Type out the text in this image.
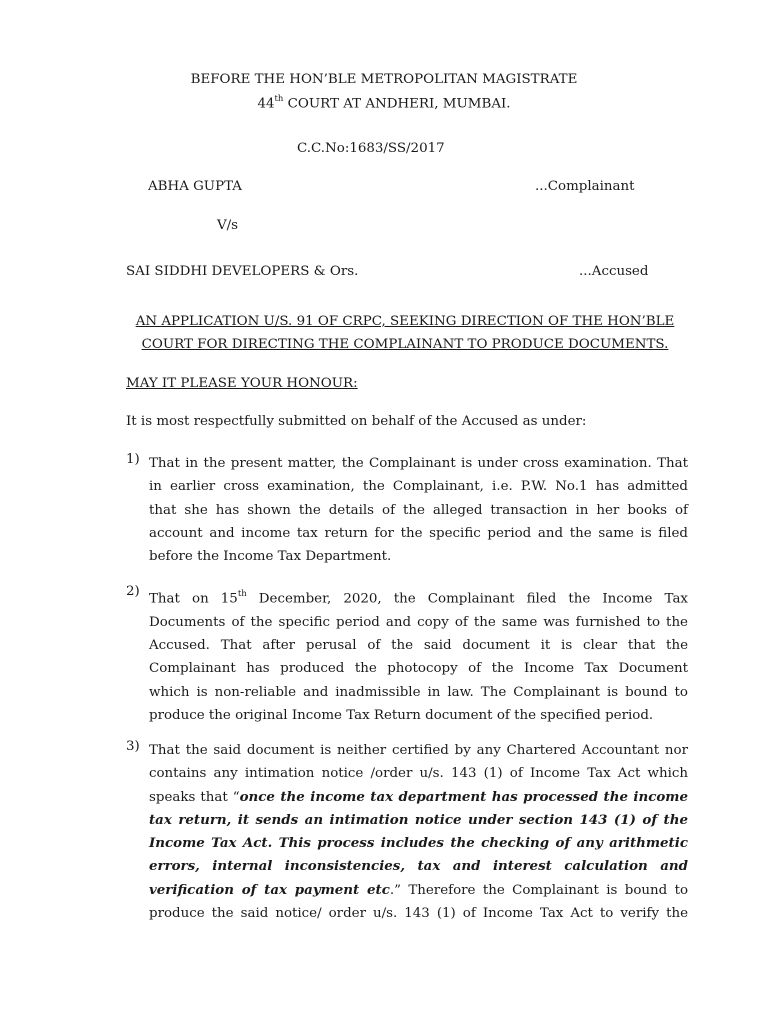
BEFORE THE HON’BLE METROPOLITAN MAGISTRATE
44th COURT AT ANDHERI, MUMBAI.
C.C.No:1683/SS/2017
ABHA GUPTA	...Complainant
V/s
SAI SIDDHI DEVELOPERS & Ors.	...Accused
AN APPLICATION U/S. 91 OF CRPC, SEEKING DIRECTION OF THE HON’BLE
COURT FOR DIRECTING THE COMPLAINANT TO PRODUCE DOCUMENTS.
MAY IT PLEASE YOUR HONOUR:
It is most respectfully submitted on behalf of the Accused as under:
1) That in the present matter, the Complainant is under cross examination. That
in earlier cross examination, the Complainant, i.e. P.W. No.1 has admitted
that she has shown the details of the alleged transaction in her books of
account and income tax return for the specific period and the same is filed
before the Income Tax Department.
2) That on 15th December, 2020, the Complainant filed the Income Tax
Documents of the specific period and copy of the same was furnished to the
Accused. That after perusal of the said document it is clear that the
Complainant has produced the photocopy of the Income Tax Document
which is non-reliable and inadmissible in law. The Complainant is bound to
produce the original Income Tax Return document of the specified period.
3) That the said document is neither certified by any Chartered Accountant nor
contains any intimation notice /order u/s. 143 (1) of Income Tax Act which
speaks that “once the income tax department has processed the income
tax return, it sends an intimation notice under section 143 (1) of the
Income Tax Act. This process includes the checking of any arithmetic
errors, internal inconsistencies, tax and interest calculation and
verification of tax payment etc.” Therefore the Complainant is bound to
produce the said notice/ order u/s. 143 (1) of Income Tax Act to verify the
